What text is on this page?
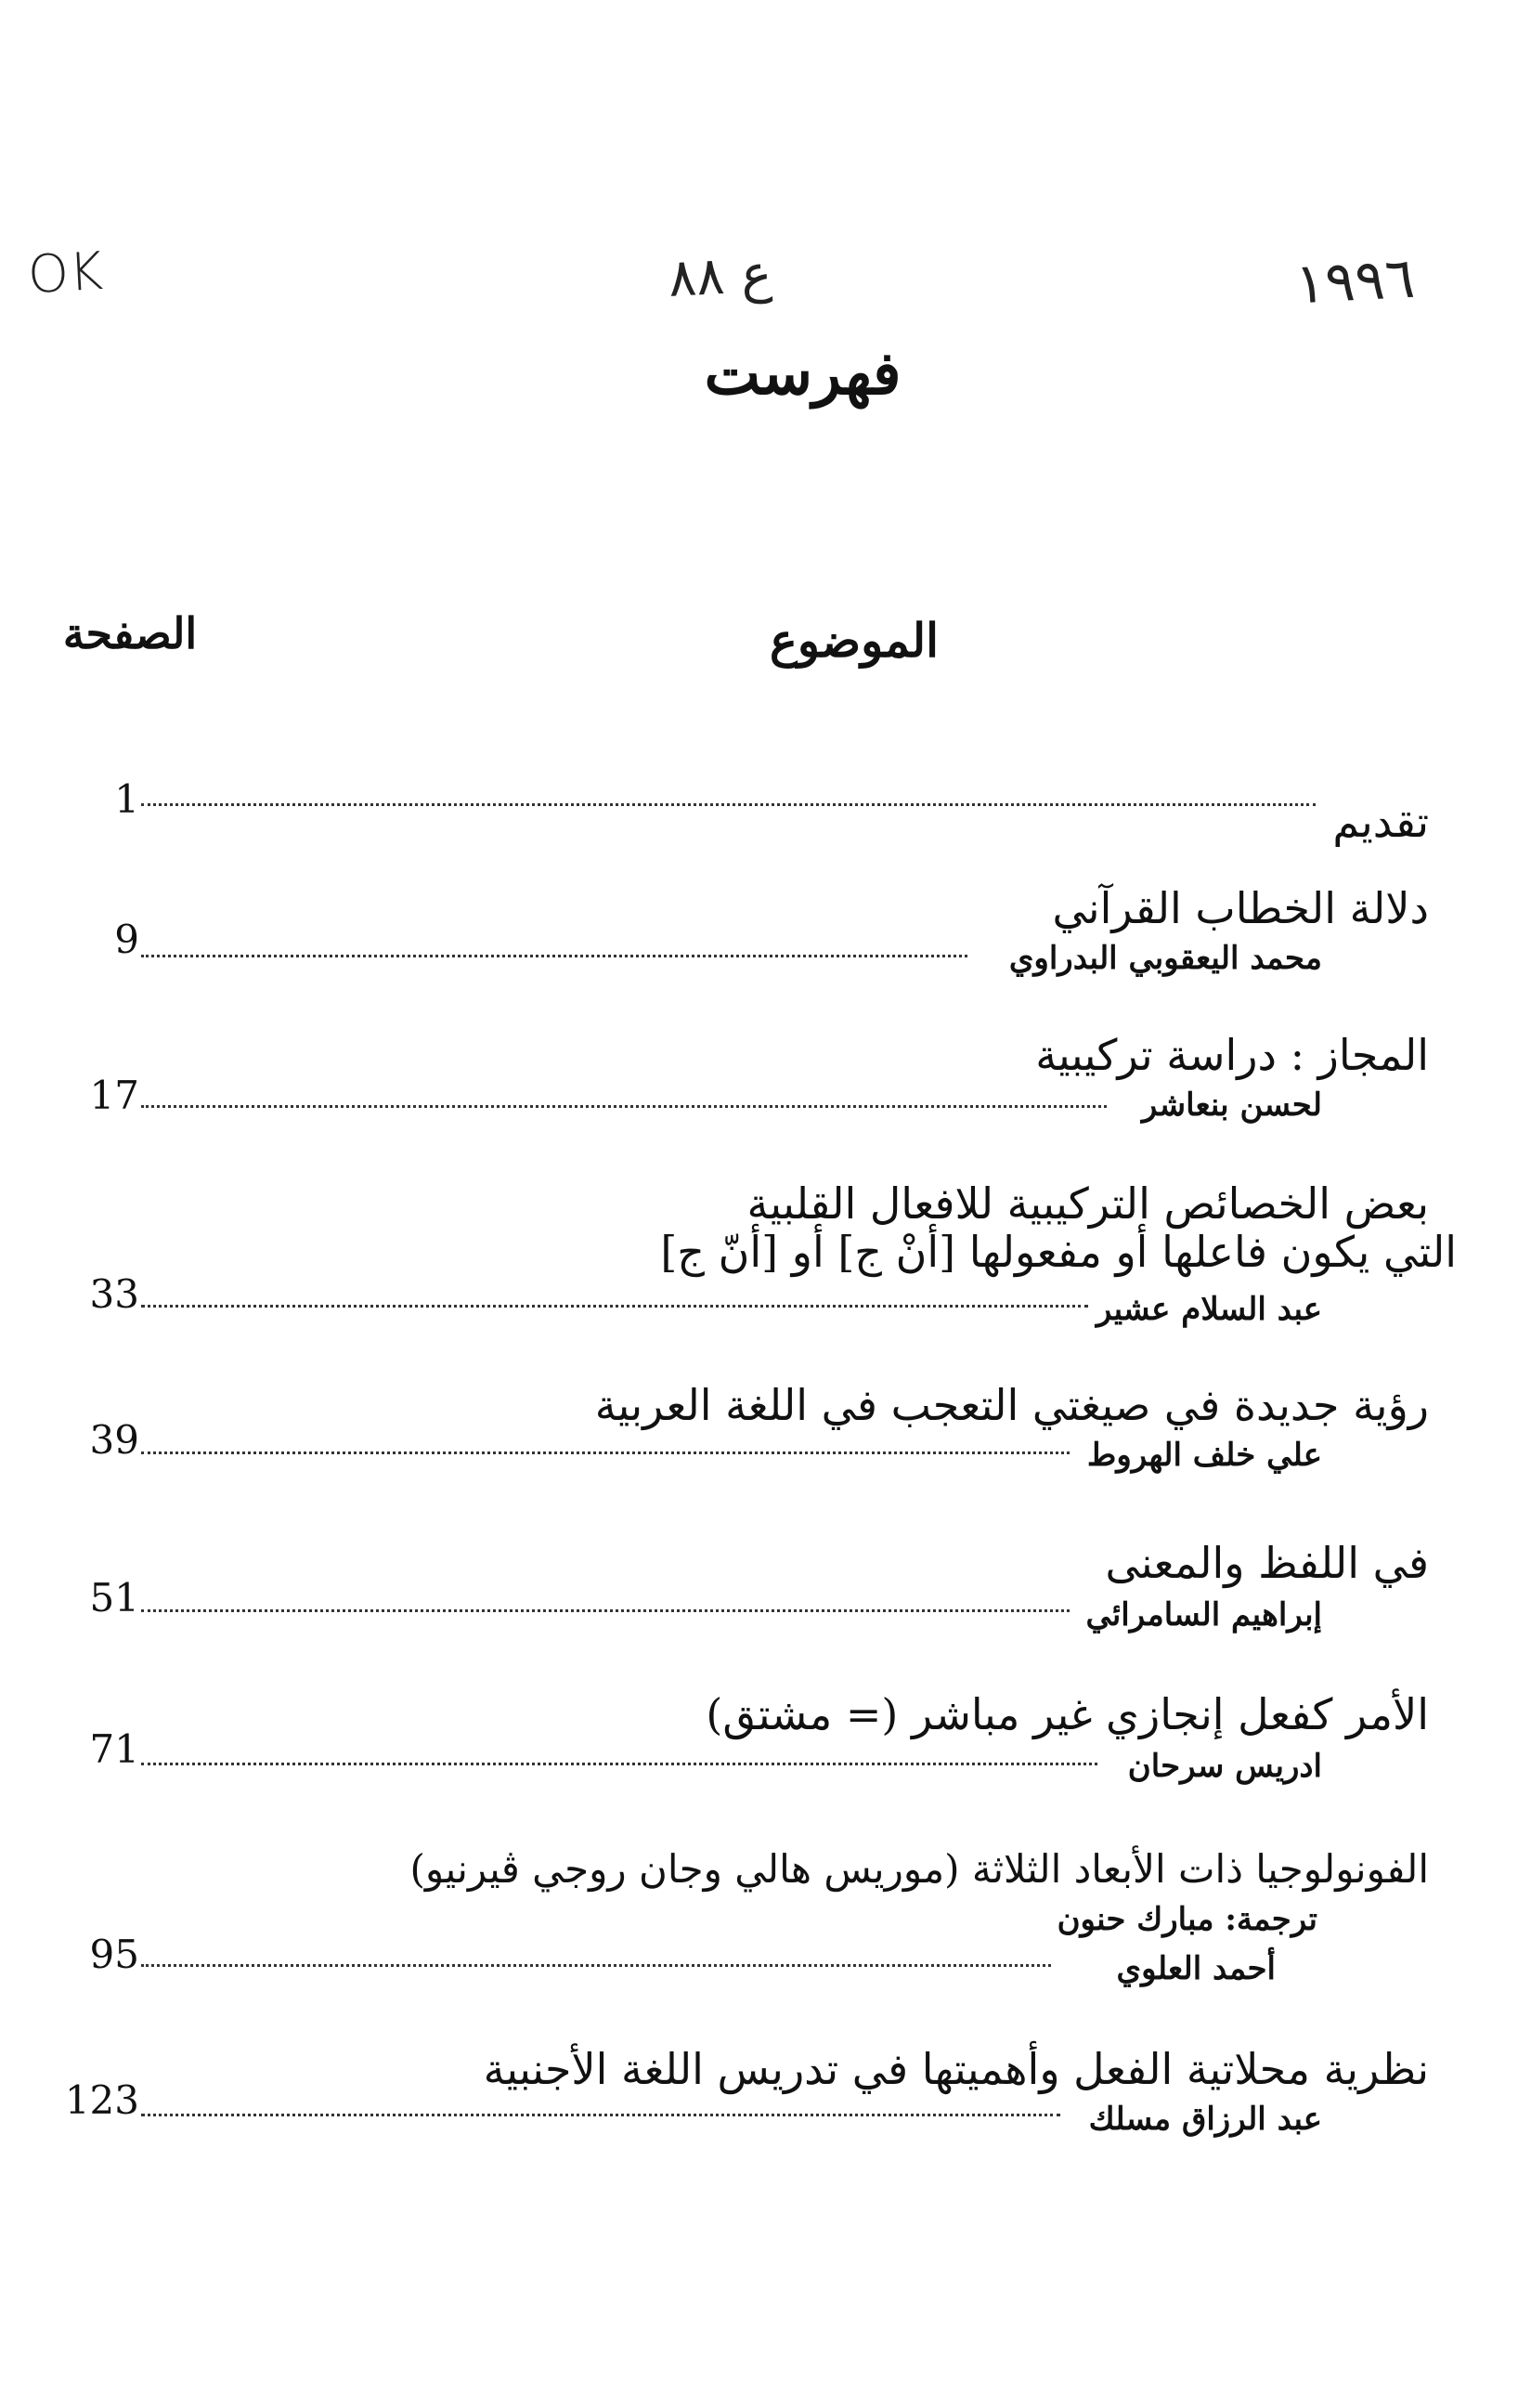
OK	ع ٨٨	١٩٩٦
فهرست
الموضوع
الصفحة
تقديم
1
دلالة الخطاب القرآني
محمد اليعقوبي البدراوي
9
المجاز : دراسة تركيبية
لحسن بنعاشر
17
بعض الخصائص التركيبية للافعال القلبية
التي يكون فاعلها أو مفعولها [أنْ ج] أو [أنّ ج]
عبد السلام عشير
33
رؤية جديدة في صيغتي التعجب في اللغة العربية
علي خلف الهروط
39
في اللفظ والمعنى
إبراهيم السامرائي
51
الأمر كفعل إنجازي غير مباشر (= مشتق)
ادريس سرحان
71
الفونولوجيا ذات الأبعاد الثلاثة (موريس هالي وجان روجي ڤيرنيو)
ترجمة: مبارك حنون
أحمد العلوي
95
نظرية محلاتية الفعل وأهميتها في تدريس اللغة الأجنبية
عبد الرزاق مسلك
123
